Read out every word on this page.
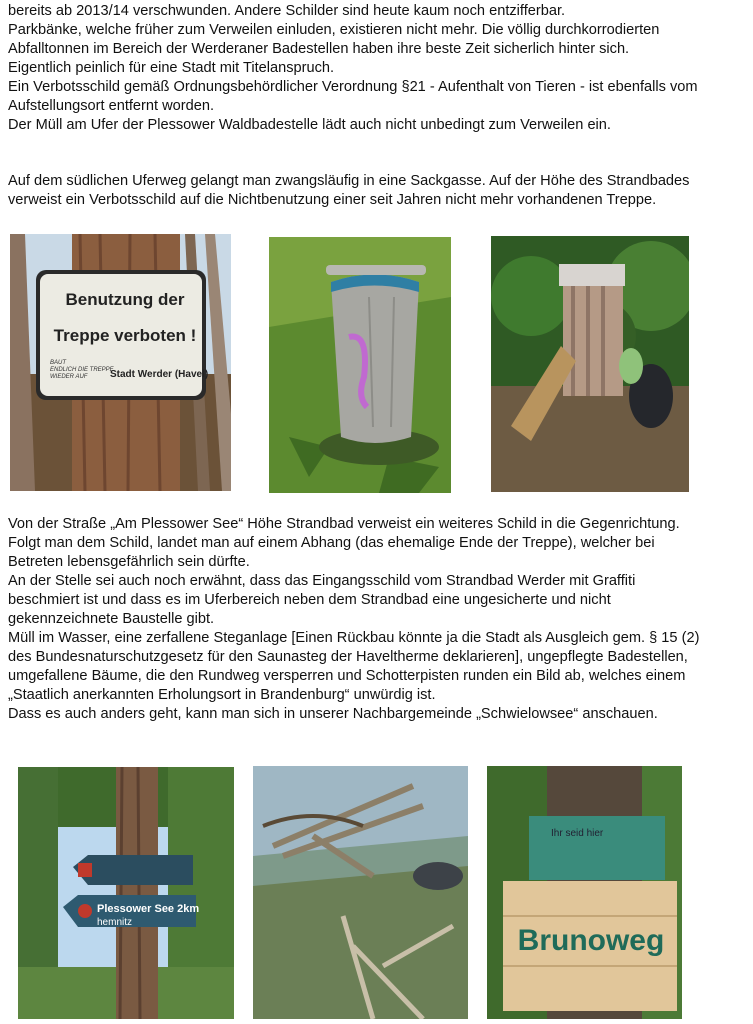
bereits ab 2013/14 verschwunden. Andere Schilder sind heute kaum noch entzifferbar.

Parkbänke, welche früher zum Verweilen einluden, existieren nicht mehr. Die völlig durchkorrodierten

Abfalltonnen im Bereich der Werderaner Badestellen haben ihre beste Zeit sicherlich hinter sich.

Eigentlich peinlich für eine Stadt mit Titelanspruch.

Ein Verbotsschild gemäß Ordnungsbehördlicher Verordnung §21 - Aufenthalt von Tieren - ist ebenfalls vom

Aufstellungsort entfernt worden.

Der Müll am Ufer der Plessower Waldbadestelle lädt auch nicht unbedingt zum Verweilen ein.

Auf dem südlichen Uferweg gelangt man zwangsläufig in eine Sackgasse. Auf der Höhe des Strandbades

verweist ein Verbotsschild auf die Nichtbenutzung einer seit Jahren nicht mehr vorhandenen Treppe.

Benutzung der
Treppe verboten !
BAUT
ENDLICH DIE TREPPE
WIEDER AUF Stadt Werder (Havel)

Von der Straße „Am Plessower See“ Höhe Strandbad verweist ein weiteres Schild in die Gegenrichtung.

Folgt man dem Schild, landet man auf einem Abhang (das ehemalige Ende der Treppe), welcher bei

Betreten lebensgefährlich sein dürfte.

An der Stelle sei auch noch erwähnt, dass das Eingangsschild vom Strandbad Werder mit Graffiti

beschmiert ist und dass es im Uferbereich neben dem Strandbad eine ungesicherte und nicht

gekennzeichnete Baustelle gibt.

Müll im Wasser, eine zerfallene Steganlage [Einen Rückbau könnte ja die Stadt als Ausgleich gem. § 15 (2)

des Bundesnaturschutzgesetz für den Saunasteg der Haveltherme deklarieren], ungepflegte Badestellen,

umgefallene Bäume, die den Rundweg versperren und Schotterpisten runden ein Bild ab, welches einem

„Staatlich anerkannten Erholungsort in Brandenburg“ unwürdig ist.

Dass es auch anders geht, kann man sich in unserer Nachbargemeinde „Schwielowsee“ anschauen.

Plessower See 2km
hemnitz
Ihr seid hier
Brunoweg
